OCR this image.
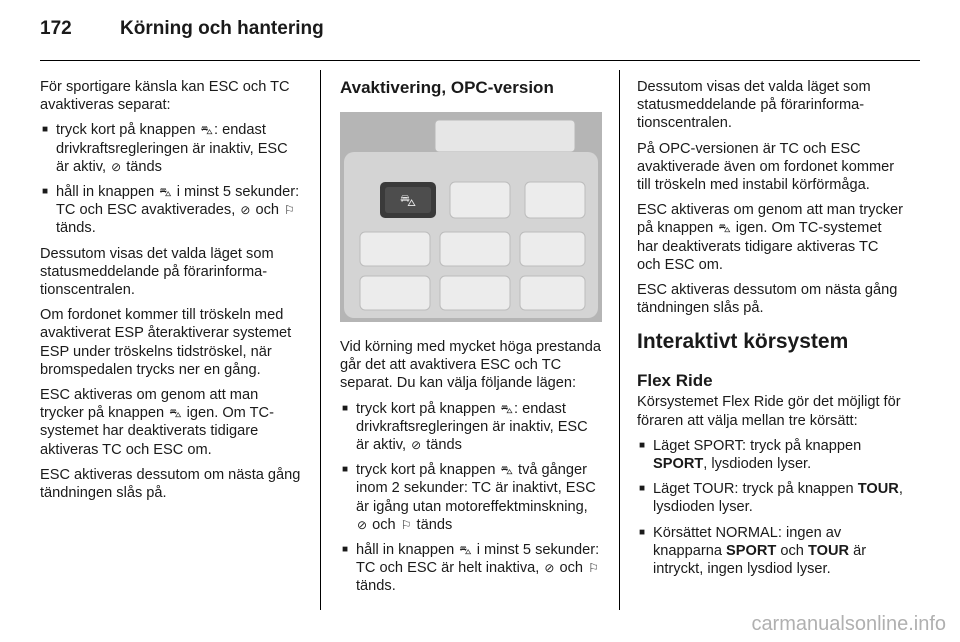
172	Körning och hantering

För sportigare känsla kan ESC och TC avaktiveras separat:

■ tryck kort på knappen ⛍: endast drivkraftsregleringen är inaktiv, ESC är aktiv, ⊘ tänds
■ håll in knappen ⛍ i minst 5 sekunder: TC och ESC avaktiverades, ⊘ och ⚐ tänds.

Dessutom visas det valda läget som statusmeddelande på förarinformationscentralen.

Om fordonet kommer till tröskeln med avaktiverat ESP återaktiverar systemet ESP under tröskelns tidströskel, när bromspedalen trycks ner en gång.

ESC aktiveras om genom att man trycker på knappen ⛍ igen. Om TC-systemet har deaktiverats tidigare aktiveras TC och ESC om.

ESC aktiveras dessutom om nästa gång tändningen slås på.

Avaktivering, OPC-version
⛍

Vid körning med mycket höga prestanda går det att avaktivera ESC och TC separat. Du kan välja följande lägen:

■ tryck kort på knappen ⛍: endast drivkraftsregleringen är inaktiv, ESC är aktiv, ⊘ tänds
■ tryck kort på knappen ⛍ två gånger inom 2 sekunder: TC är inaktivt, ESC är igång utan motoreffektminskning, ⊘ och ⚐ tänds
■ håll in knappen ⛍ i minst 5 sekunder: TC och ESC är helt inaktiva, ⊘ och ⚐ tänds.

Dessutom visas det valda läget som statusmeddelande på förarinformationscentralen.

På OPC-versionen är TC och ESC avaktiverade även om fordonet kommer till tröskeln med instabil körförmåga.

ESC aktiveras om genom att man trycker på knappen ⛍ igen. Om TC-systemet har deaktiverats tidigare aktiveras TC och ESC om.

ESC aktiveras dessutom om nästa gång tändningen slås på.

Interaktivt körsystem
Flex Ride

Körsystemet Flex Ride gör det möjligt för föraren att välja mellan tre körsätt:

■ Läget SPORT: tryck på knappen SPORT, lysdioden lyser.
■ Läget TOUR: tryck på knappen TOUR, lysdioden lyser.
■ Körsättet NORMAL: ingen av knapparna SPORT och TOUR är intryckt, ingen lysdiod lyser.
carmanualsonline.info
